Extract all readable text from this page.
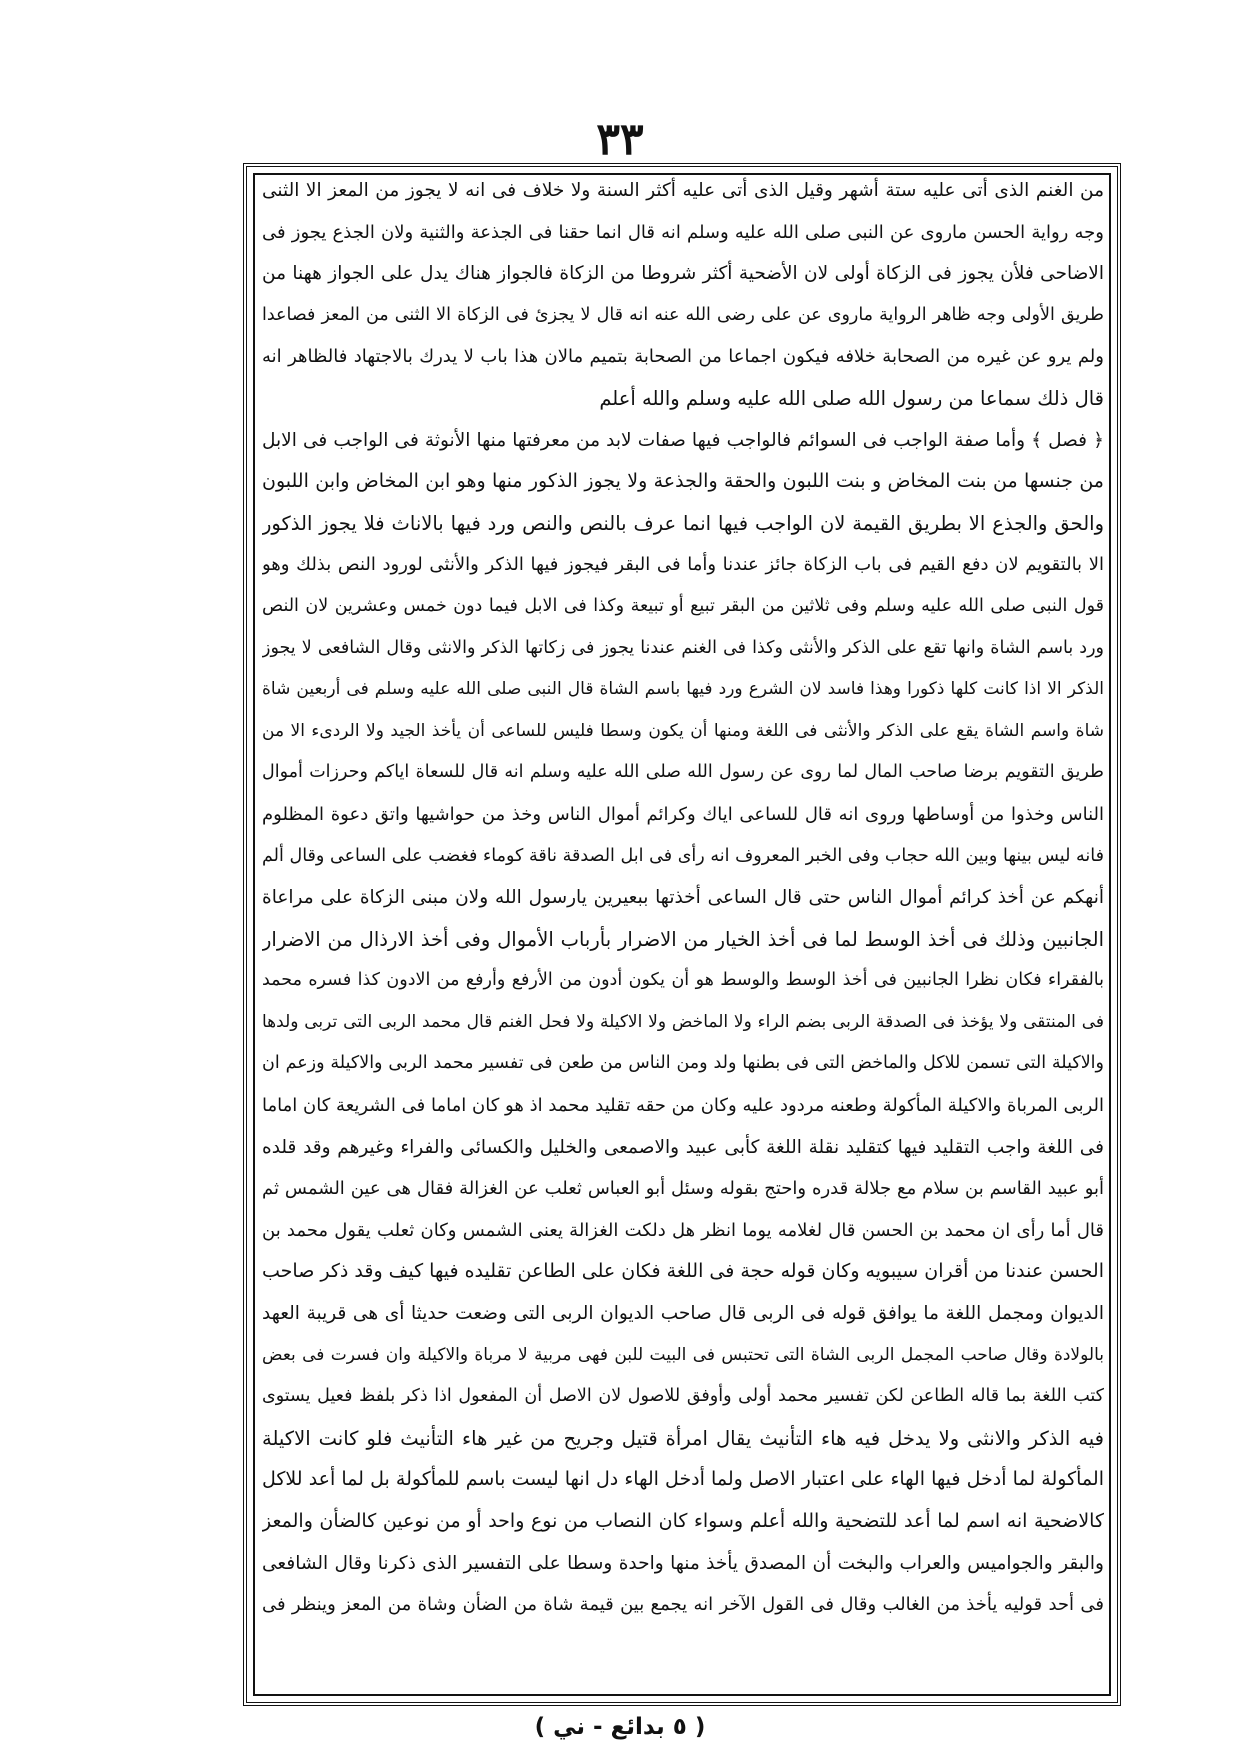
٣٣
من الغنم الذى أتى عليه ستة أشهر وقيل الذى أتى عليه أكثر السنة ولا خلاف فى انه لا يجوز من المعز الا الثنى
وجه رواية الحسن ماروى عن النبى صلى الله عليه وسلم انه قال انما حقنا فى الجذعة والثنية ولان الجذع يجوز فى
الاضاحى فلأن يجوز فى الزكاة أولى لان الأضحية أكثر شروطا من الزكاة فالجواز هناك يدل على الجواز ههنا من
طريق الأولى وجه ظاهر الرواية ماروى عن على رضى الله عنه انه قال لا يجزئ فى الزكاة الا الثنى من المعز فصاعدا
ولم يرو عن غيره من الصحابة خلافه فيكون اجماعا من الصحابة بتميم مالان هذا باب لا يدرك بالاجتهاد فالظاهر انه
قال ذلك سماعا من رسول الله صلى الله عليه وسلم والله أعلم
﴿ فصل ﴾ وأما صفة الواجب فى السوائم فالواجب فيها صفات لابد من معرفتها منها الأنوثة فى الواجب فى الابل
من جنسها من بنت المخاض و بنت اللبون والحقة والجذعة ولا يجوز الذكور منها وهو ابن المخاض وابن اللبون
والحق والجذع الا بطريق القيمة لان الواجب فيها انما عرف بالنص والنص ورد فيها بالاناث فلا يجوز الذكور
الا بالتقويم لان دفع القيم فى باب الزكاة جائز عندنا وأما فى البقر فيجوز فيها الذكر والأنثى لورود النص بذلك وهو
قول النبى صلى الله عليه وسلم وفى ثلاثين من البقر تبيع أو تبيعة وكذا فى الابل فيما دون خمس وعشرين لان النص
ورد باسم الشاة وانها تقع على الذكر والأنثى وكذا فى الغنم عندنا يجوز فى زكاتها الذكر والانثى وقال الشافعى لا يجوز
الذكر الا اذا كانت كلها ذكورا وهذا فاسد لان الشرع ورد فيها باسم الشاة قال النبى صلى الله عليه وسلم فى أربعين شاة
شاة واسم الشاة يقع على الذكر والأنثى فى اللغة ومنها أن يكون وسطا فليس للساعى أن يأخذ الجيد ولا الردىء الا من
طريق التقويم برضا صاحب المال لما روى عن رسول الله صلى الله عليه وسلم انه قال للسعاة اياكم وحرزات أموال
الناس وخذوا من أوساطها وروى انه قال للساعى اياك وكرائم أموال الناس وخذ من حواشيها واتق دعوة المظلوم
فانه ليس بينها وبين الله حجاب وفى الخبر المعروف انه رأى فى ابل الصدقة ناقة كوماء فغضب على الساعى وقال ألم
أنهكم عن أخذ كرائم أموال الناس حتى قال الساعى أخذتها ببعيرين يارسول الله ولان مبنى الزكاة على مراعاة
الجانبين وذلك فى أخذ الوسط لما فى أخذ الخيار من الاضرار بأرباب الأموال وفى أخذ الارذال من الاضرار
بالفقراء فكان نظرا الجانبين فى أخذ الوسط والوسط هو أن يكون أدون من الأرفع وأرفع من الادون كذا فسره محمد
فى المنتقى ولا يؤخذ فى الصدقة الربى بضم الراء ولا الماخض ولا الاكيلة ولا فحل الغنم قال محمد الربى التى تربى ولدها
والاكيلة التى تسمن للاكل والماخض التى فى بطنها ولد ومن الناس من طعن فى تفسير محمد الربى والاكيلة وزعم ان
الربى المرباة والاكيلة المأكولة وطعنه مردود عليه وكان من حقه تقليد محمد اذ هو كان اماما فى الشريعة كان اماما
فى اللغة واجب التقليد فيها كتقليد نقلة اللغة كأبى عبيد والاصمعى والخليل والكسائى والفراء وغيرهم وقد قلده
أبو عبيد القاسم بن سلام مع جلالة قدره واحتج بقوله وسئل أبو العباس ثعلب عن الغزالة فقال هى عين الشمس ثم
قال أما رأى ان محمد بن الحسن قال لغلامه يوما انظر هل دلكت الغزالة يعنى الشمس وكان ثعلب يقول محمد بن
الحسن عندنا من أقران سيبويه وكان قوله حجة فى اللغة فكان على الطاعن تقليده فيها كيف وقد ذكر صاحب
الديوان ومجمل اللغة ما يوافق قوله فى الربى قال صاحب الديوان الربى التى وضعت حديثا أى هى قريبة العهد
بالولادة وقال صاحب المجمل الربى الشاة التى تحتبس فى البيت للبن فهى مربية لا مرباة والاكيلة وان فسرت فى بعض
كتب اللغة بما قاله الطاعن لكن تفسير محمد أولى وأوفق للاصول لان الاصل أن المفعول اذا ذكر بلفظ فعيل يستوى
فيه الذكر والانثى ولا يدخل فيه هاء التأنيث يقال امرأة قتيل وجريح من غير هاء التأنيث فلو كانت الاكيلة
المأكولة لما أدخل فيها الهاء على اعتبار الاصل ولما أدخل الهاء دل انها ليست باسم للمأكولة بل لما أعد للاكل
كالاضحية انه اسم لما أعد للتضحية والله أعلم وسواء كان النصاب من نوع واحد أو من نوعين كالضأن والمعز
والبقر والجواميس والعراب والبخت أن المصدق يأخذ منها واحدة وسطا على التفسير الذى ذكرنا وقال الشافعى
فى أحد قوليه يأخذ من الغالب وقال فى القول الآخر انه يجمع بين قيمة شاة من الضأن وشاة من المعز وينظر فى
( ٥ بدائع - ني )
